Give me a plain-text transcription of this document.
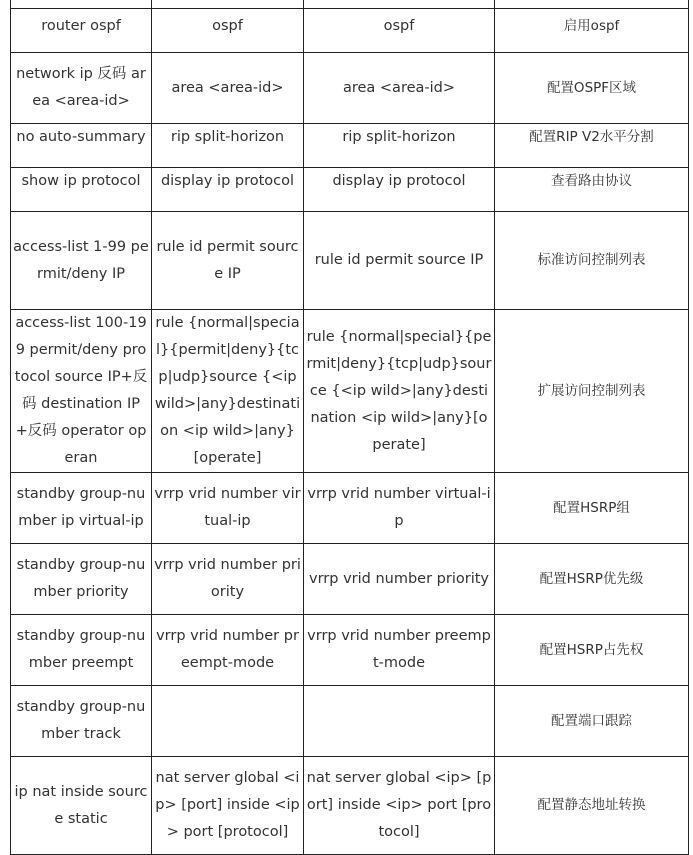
router ospf	ospf	ospf	启用ospf
network ip 反码 area <area-id>	area <area-id>	area <area-id>	配置OSPF区域
no auto-summary	rip split-horizon	rip split-horizon	配置RIP V2水平分割
show ip protocol	display ip protocol	display ip protocol	查看路由协议
access-list 1-99 permit/deny IP	rule id permit source IP	rule id permit source IP	标准访问控制列表
access-list 100-199 permit/deny protocol source IP+反码 destination IP+反码 operator operan	rule {normal|special}{permit|deny}{tcp|udp}source {<ip wild>|any}destination <ip wild>|any}[operate]	rule {normal|special}{permit|deny}{tcp|udp}source {<ip wild>|any}destination <ip wild>|any}[operate]	扩展访问控制列表
standby group-number ip virtual-ip	vrrp vrid number virtual-ip	vrrp vrid number virtual-ip	配置HSRP组
standby group-number priority	vrrp vrid number priority	vrrp vrid number priority	配置HSRP优先级
standby group-number preempt	vrrp vrid number preempt-mode	vrrp vrid number preempt-mode	配置HSRP占先权
standby group-number track			配置端口跟踪
ip nat inside source static	nat server global <ip> [port] inside <ip> port [protocol]	nat server global <ip> [port] inside <ip> port [protocol]	配置静态地址转换
